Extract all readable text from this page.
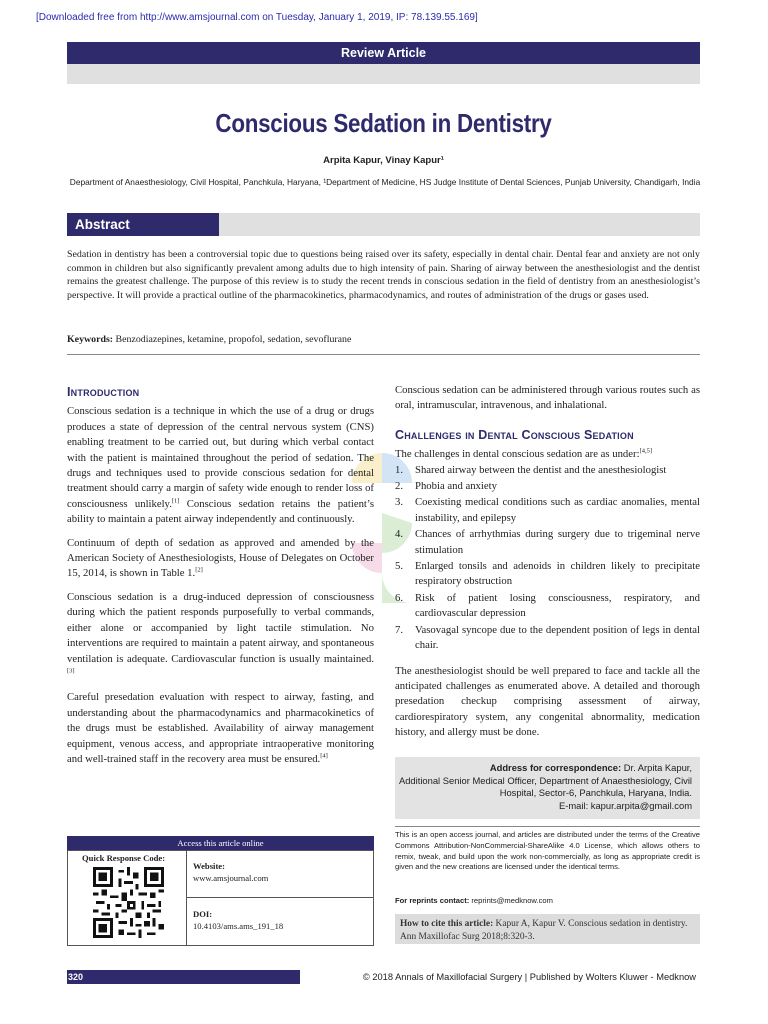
[Downloaded free from http://www.amsjournal.com on Tuesday, January 1, 2019, IP: 78.139.55.169]
Review Article
Conscious Sedation in Dentistry
Arpita Kapur, Vinay Kapur¹
Department of Anaesthesiology, Civil Hospital, Panchkula, Haryana, ¹Department of Medicine, HS Judge Institute of Dental Sciences, Punjab University, Chandigarh, India
Abstract
Sedation in dentistry has been a controversial topic due to questions being raised over its safety, especially in dental chair. Dental fear and anxiety are not only common in children but also significantly prevalent among adults due to high intensity of pain. Sharing of airway between the anesthesiologist and the dentist remains the greatest challenge. The purpose of this review is to study the recent trends in conscious sedation in the field of dentistry from an anesthesiologist’s perspective. It will provide a practical outline of the pharmacokinetics, pharmacodynamics, and routes of administration of the drugs or gases used.
Keywords: Benzodiazepines, ketamine, propofol, sedation, sevoflurane
Introduction

Conscious sedation is a technique in which the use of a drug or drugs produces a state of depression of the central nervous system (CNS) enabling treatment to be carried out, but during which verbal contact with the patient is maintained throughout the period of sedation. The drugs and techniques used to provide conscious sedation for dental treatment should carry a margin of safety wide enough to render loss of consciousness unlikely.[1] Conscious sedation retains the patient’s ability to maintain a patent airway independently and continuously.

Continuum of depth of sedation as approved and amended by the American Society of Anesthesiologists, House of Delegates on October 15, 2014, is shown in Table 1.[2]

Conscious sedation is a drug-induced depression of consciousness during which the patient responds purposefully to verbal commands, either alone or accompanied by light tactile stimulation. No interventions are required to maintain a patent airway, and spontaneous ventilation is adequate. Cardiovascular function is usually maintained.[3]

Careful presedation evaluation with respect to airway, fasting, and understanding about the pharmacodynamics and pharmacokinetics of the drugs must be established. Availability of airway management equipment, venous access, and appropriate intraoperative monitoring and well-trained staff in the recovery area must be ensured.[4]

Conscious sedation can be administered through various routes such as oral, intramuscular, intravenous, and inhalational.

Challenges in Dental Conscious Sedation
The challenges in dental conscious sedation are as under:[4,5]
1. Shared airway between the dentist and the anesthesiologist
2. Phobia and anxiety
3. Coexisting medical conditions such as cardiac anomalies, mental instability, and epilepsy
4. Chances of arrhythmias during surgery due to trigeminal nerve stimulation
5. Enlarged tonsils and adenoids in children likely to precipitate respiratory obstruction
6. Risk of patient losing consciousness, respiratory, and cardiovascular depression
7. Vasovagal syncope due to the dependent position of legs in dental chair.

The anesthesiologist should be well prepared to face and tackle all the anticipated challenges as enumerated above. A detailed and thorough presedation checkup comprising assessment of airway, cardiorespiratory system, any congenital abnormality, medication history, and allergy must be done.

Address for correspondence: Dr. Arpita Kapur,
Additional Senior Medical Officer, Department of Anaesthesiology, Civil
Hospital, Sector-6, Panchkula, Haryana, India.
E-mail: kapur.arpita@gmail.com
This is an open access journal, and articles are distributed under the terms of the Creative Commons Attribution-NonCommercial-ShareAlike 4.0 License, which allows others to remix, tweak, and build upon the work non-commercially, as long as appropriate credit is given and the new creations are licensed under the identical terms.
For reprints contact: reprints@medknow.com
How to cite this article: Kapur A, Kapur V. Conscious sedation in dentistry. Ann Maxillofac Surg 2018;8:320-3.
Access this article online
Quick Response Code:
Website:
www.amsjournal.com
DOI:
10.4103/ams.ams_191_18
320	© 2018 Annals of Maxillofacial Surgery | Published by Wolters Kluwer - Medknow
